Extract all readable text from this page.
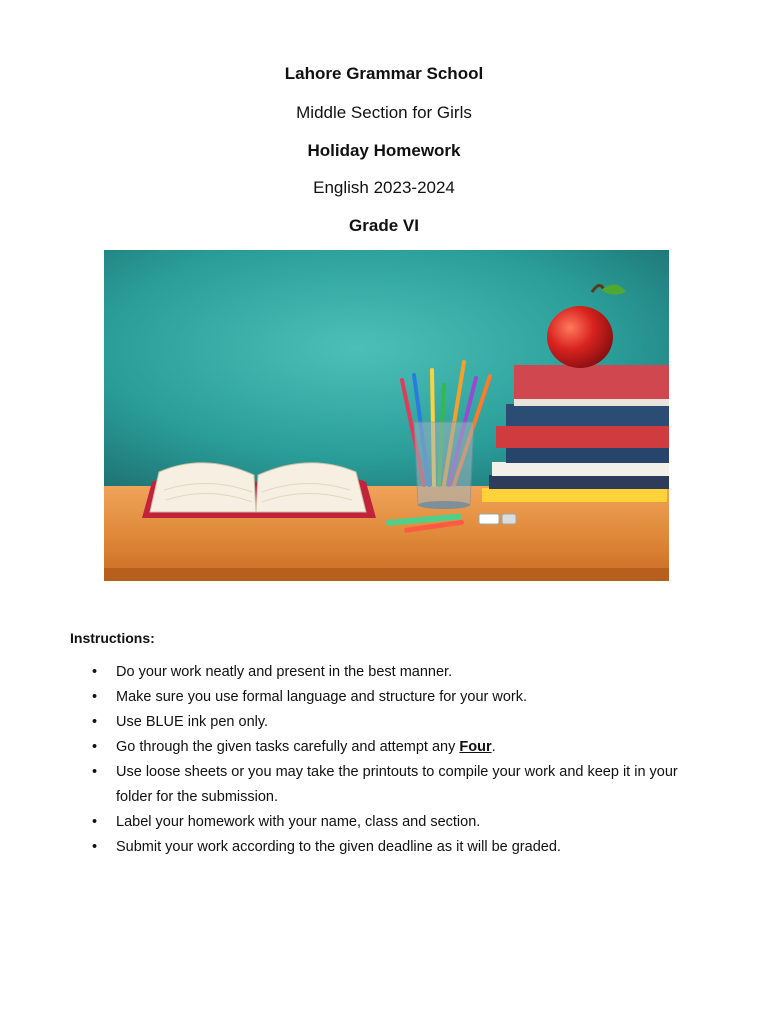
Lahore Grammar School
Middle Section for Girls
Holiday Homework
English 2023-2024
Grade VI
Instructions:
• Do your work neatly and present in the best manner.
• Make sure you use formal language and structure for your work.
• Use BLUE ink pen only.
• Go through the given tasks carefully and attempt any Four.
• Use loose sheets or you may take the printouts to compile your work and keep it in your folder for the submission.
• Label your homework with your name, class and section.
• Submit your work according to the given deadline as it will be graded.
